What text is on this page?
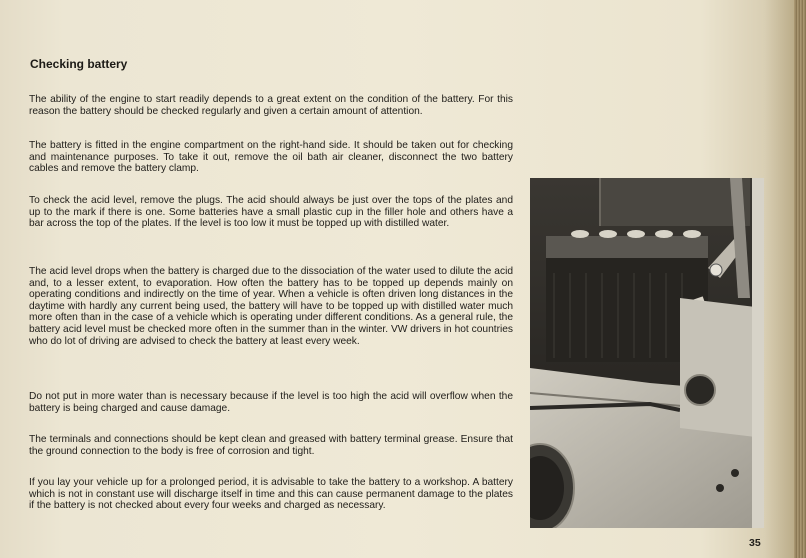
Checking battery

The ability of the engine to start readily depends to a great extent on the condition of the battery. For this reason the battery should be checked regularly and given a certain amount of attention.

The battery is fitted in the engine compartment on the right-hand side. It should be taken out for checking and maintenance purposes. To take it out, remove the oil bath air cleaner, disconnect the two battery cables and remove the battery clamp.

To check the acid level, remove the plugs. The acid should always be just over the tops of the plates and up to the mark if there is one. Some batteries have a small plastic cup in the filler hole and others have a bar across the top of the plates. If the level is too low it must be topped up with distilled water.

The acid level drops when the battery is charged due to the dissociation of the water used to dilute the acid and, to a lesser extent, to evaporation. How often the battery has to be topped up depends mainly on operating conditions and indirectly on the time of year. When a vehicle is often driven long distances in the daytime with hardly any current being used, the battery will have to be topped up with distilled water much more often than in the case of a vehicle which is operating under different conditions. As a general rule, the battery acid level must be checked more often in the summer than in the winter. VW drivers in hot countries who do lot of driving are advised to check the battery at least every week.

Do not put in more water than is necessary because if the level is too high the acid will overflow when the battery is being charged and cause damage.

The terminals and connections should be kept clean and greased with battery terminal grease. Ensure that the ground connection to the body is free of corrosion and tight.

If you lay your vehicle up for a prolonged period, it is advisable to take the battery to a workshop. A battery which is not in constant use will discharge itself in time and this can cause permanent damage to the plates if the battery is not checked about every four weeks and charged as necessary.

35
